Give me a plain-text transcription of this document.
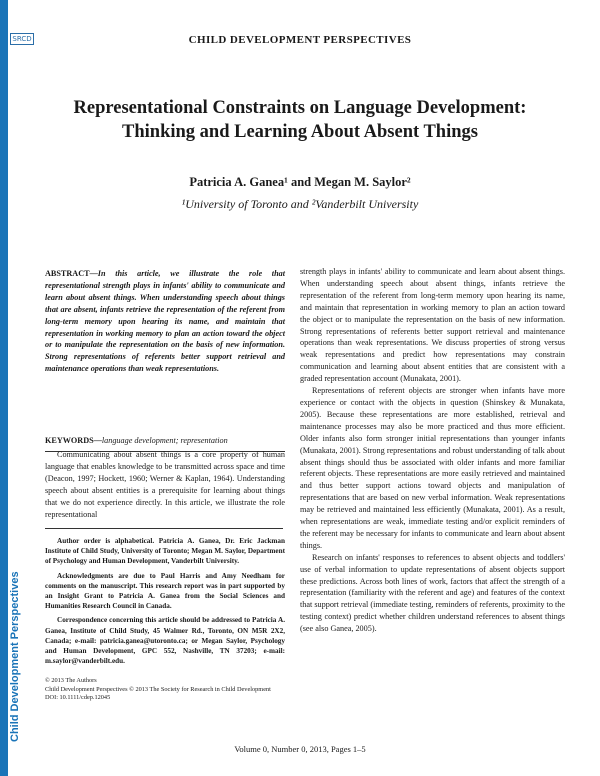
SRCD
Child Development Perspectives
CHILD DEVELOPMENT PERSPECTIVES
Representational Constraints on Language Development: Thinking and Learning About Absent Things
Patricia A. Ganea¹ and Megan M. Saylor²
¹University of Toronto and ²Vanderbilt University
ABSTRACT—In this article, we illustrate the role that representational strength plays in infants' ability to communicate and learn about absent things. When understanding speech about things that are absent, infants retrieve the representation of the referent from long-term memory upon hearing its name, and maintain that representation in working memory to plan an action toward the object or to manipulate the representation on the basis of new information. Strong representations of referents better support retrieval and maintenance operations than weak representations.
KEYWORDS—language development; representation

Communicating about absent things is a core property of human language that enables knowledge to be transmitted across space and time (Deacon, 1997; Hockett, 1960; Werner & Kaplan, 1964). Understanding speech about absent entities is a prerequisite for learning about things that we do not experience directly. In this article, we illustrate the role representational

Author order is alphabetical. Patricia A. Ganea, Dr. Eric Jackman Institute of Child Study, University of Toronto; Megan M. Saylor, Department of Psychology and Human Development, Vanderbilt University.

Acknowledgments are due to Paul Harris and Amy Needham for comments on the manuscript. This research report was in part supported by an Insight Grant to Patricia A. Ganea from the Social Sciences and Humanities Research Council in Canada.

Correspondence concerning this article should be addressed to Patricia A. Ganea, Institute of Child Study, 45 Walmer Rd., Toronto, ON M5R 2X2, Canada; e-mail: patricia.ganea@utoronto.ca; or Megan Saylor, Psychology and Human Development, GPC 552, Nashville, TN 37203; e-mail: m.saylor@vanderbilt.edu.

© 2013 The Authors

Child Development Perspectives © 2013 The Society for Research in Child Development

DOI: 10.1111/cdep.12045

strength plays in infants' ability to communicate and learn about absent things. When understanding speech about absent things, infants retrieve the representation of the referent from long-term memory upon hearing its name, and maintain that representation in working memory to plan an action toward the object or to manipulate the representation on the basis of new information. Strong representations of referents better support retrieval and maintenance operations than weak representations. We discuss properties of strong versus weak representations and predict how representations may constrain communication and learning about absent entities that are consistent with a graded representation account (Munakata, 2001).

Representations of referent objects are stronger when infants have more experience or contact with the objects in question (Shinskey & Munakata, 2005). Because these representations are more established, retrieval and maintenance processes may also be more practiced and thus more efficient. Older infants also form stronger initial representations than younger infants (Munakata, 2001). Strong representations and robust understanding of talk about absent things should thus be associated with older infants and more familiar referent objects. These representations are more easily retrieved and maintained and thus better support actions toward objects and manipulation of representations that are based on new verbal information. Weak representations may be retrieved and maintained less efficiently (Munakata, 2001). As a result, when representations are weak, immediate testing and/or explicit reminders of the referent may be necessary for infants to communicate and learn about absent things.

Research on infants' responses to references to absent objects and toddlers' use of verbal information to update representations of absent objects support these predictions. Across both lines of work, factors that affect the strength of a representation (familiarity with the referent and age) and features of the context that support retrieval (immediate testing, reminders of referents, proximity to the testing context) predict whether children understand references to absent things (see also Ganea, 2005).

Volume 0, Number 0, 2013, Pages 1–5
